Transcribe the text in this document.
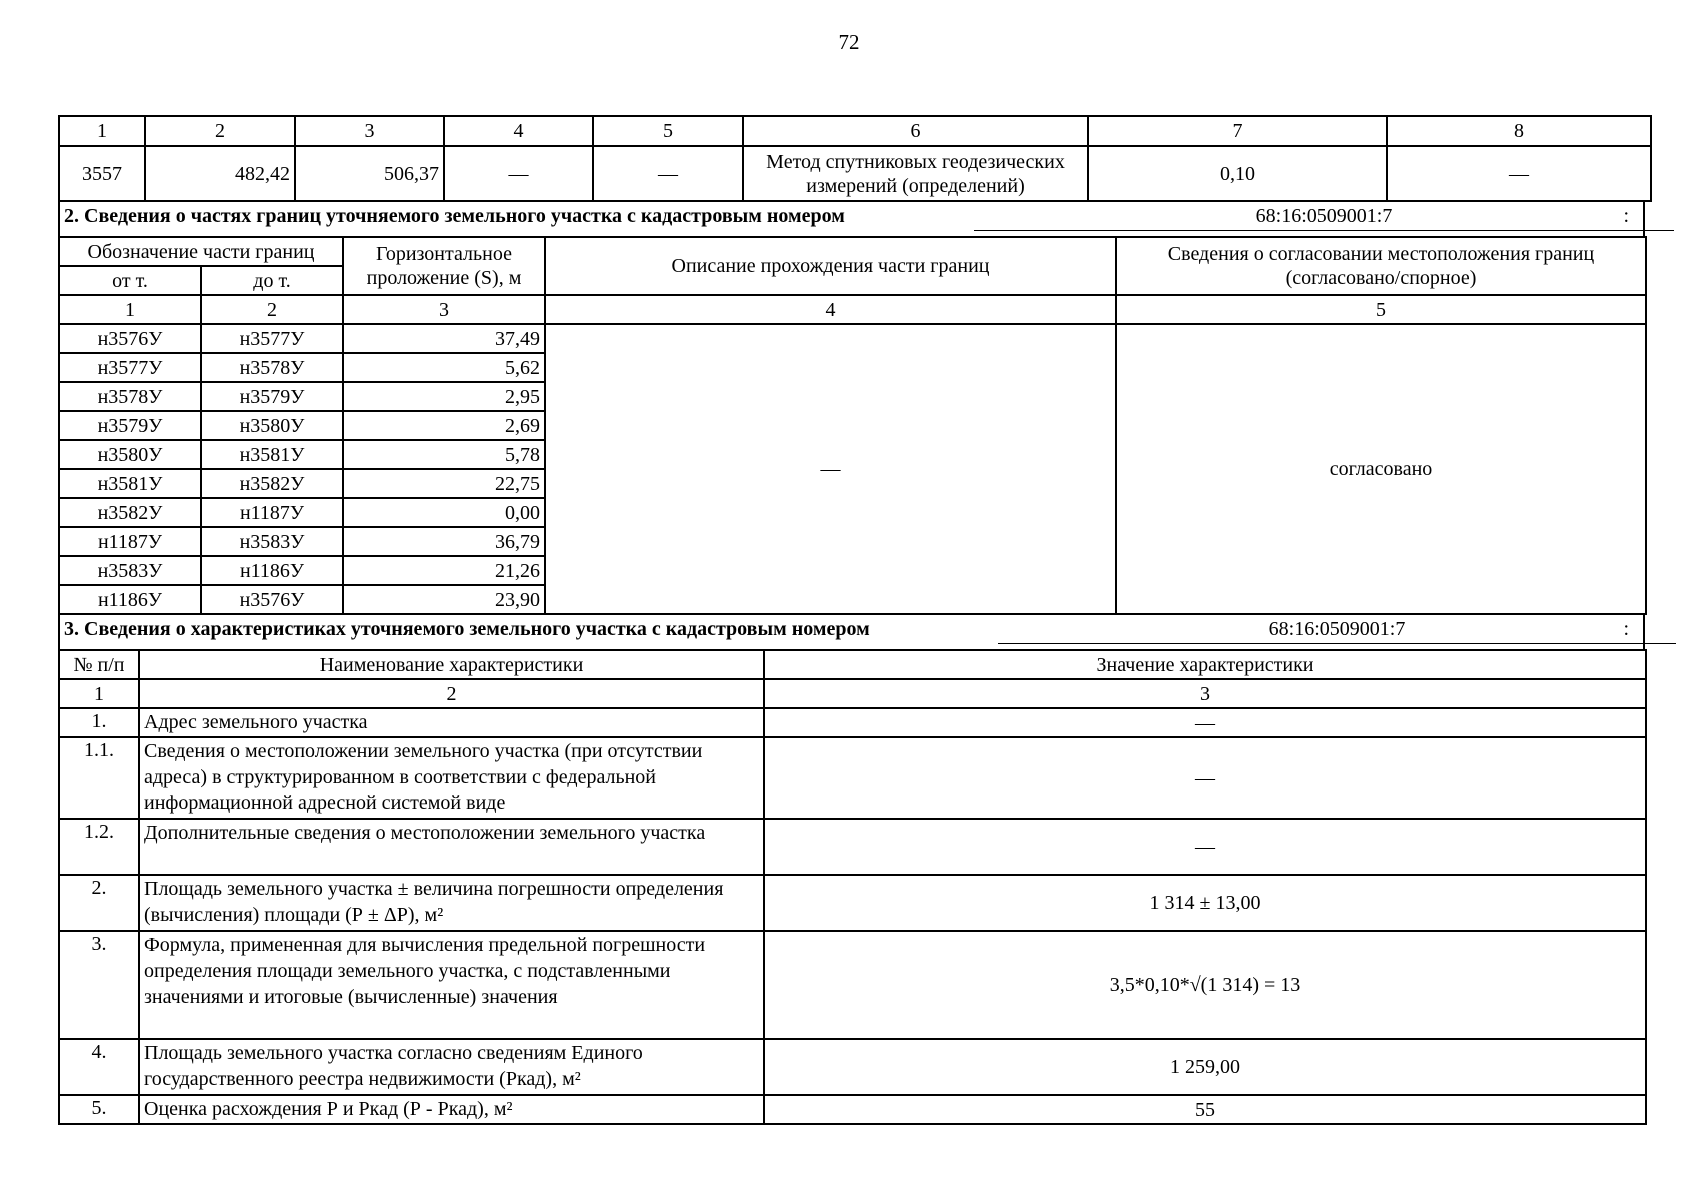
72
1	2	3	4	5	6	7	8
3557	482,42	506,37	—	—	Метод спутниковых геодезических измерений (определений)	0,10	—
2. Сведения о частях границ уточняемого земельного участка с кадастровым номером	68:16:0509001:7	:
Обозначение части границ		Горизонтальное проложение (S), м	Описание прохождения части границ	Сведения о согласовании местоположения границ (согласовано/спорное)
от т.	до т.			
1	2	3	4	5
н3576У	н3577У	37,49	—	согласовано
н3577У	н3578У	5,62		
н3578У	н3579У	2,95		
н3579У	н3580У	2,69		
н3580У	н3581У	5,78		
н3581У	н3582У	22,75		
н3582У	н1187У	0,00		
н1187У	н3583У	36,79		
н3583У	н1186У	21,26		
н1186У	н3576У	23,90		
3. Сведения о характеристиках уточняемого земельного участка с кадастровым номером	68:16:0509001:7	:
№ п/п	Наименование характеристики	Значение характеристики
1	2	3
1.	Адрес земельного участка	—
1.1.	Сведения о местоположении земельного участка (при отсутствии адреса) в структурированном в соответствии с федеральной информационной адресной системой виде	—
1.2.	Дополнительные сведения о местоположении земельного участка	—
2.	Площадь земельного участка ± величина погрешности определения (вычисления) площади (Р ± ΔР), м²	1 314 ± 13,00
3.	Формула, примененная для вычисления предельной погрешности определения площади земельного участка, с подставленными значениями и итоговые (вычисленные) значения	3,5*0,10*√(1 314) = 13
4.	Площадь земельного участка согласно сведениям Единого государственного реестра недвижимости (Ркад), м²	1 259,00
5.	Оценка расхождения Р и Ркад (Р - Ркад), м²	55
